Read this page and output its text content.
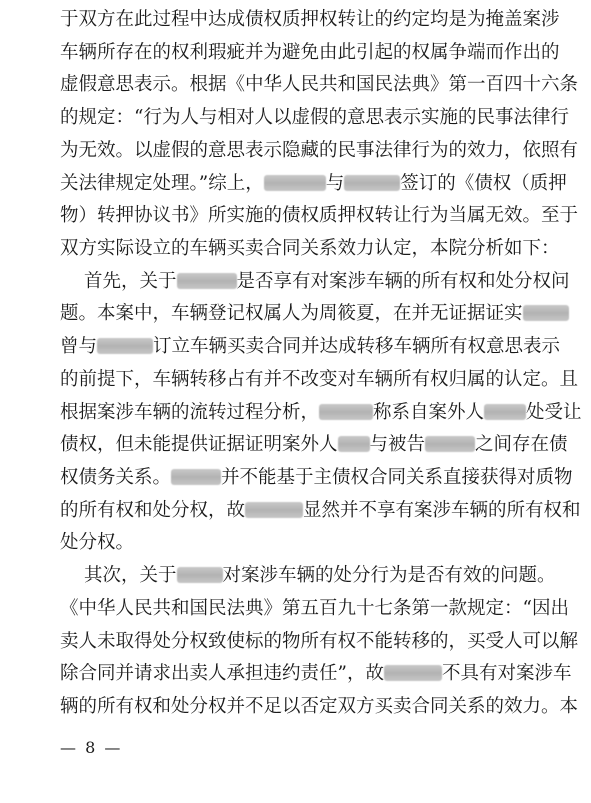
于双方在此过程中达成债权质押权转让的约定均是为掩盖案涉
车辆所存在的权利瑕疵并为避免由此引起的权属争端而作出的
虚假意思表示。根据《中华人民共和国民法典》第一百四十六条
的规定：“行为人与相对人以虚假的意思表示实施的民事法律行
为无效。以虚假的意思表示隐藏的民事法律行为的效力，依照有
关法律规定处理。”综上，	与	签订的《债权（质押
物）转押协议书》所实施的债权质押权转让行为当属无效。至于
双方实际设立的车辆买卖合同关系效力认定，本院分析如下：
首先，关于	是否享有对案涉车辆的所有权和处分权问
题。本案中，车辆登记权属人为周筱夏，在并无证据证实
曾与	订立车辆买卖合同并达成转移车辆所有权意思表示
的前提下，车辆转移占有并不改变对车辆所有权归属的认定。且
根据案涉车辆的流转过程分析，	称系自案外人 处受让
债权，但未能提供证据证明案外人 与被告	之间存在债
权债务关系。	并不能基于主债权合同关系直接获得对质物
的所有权和处分权，故	显然并不享有案涉车辆的所有权和
处分权。
其次，关于 对案涉车辆的处分行为是否有效的问题。
《中华人民共和国民法典》第五百九十七条第一款规定：“因出
卖人未取得处分权致使标的物所有权不能转移的，买受人可以解
除合同并请求出卖人承担违约责任”，故	不具有对案涉车
辆的所有权和处分权并不足以否定双方买卖合同关系的效力。本
— 8 —
